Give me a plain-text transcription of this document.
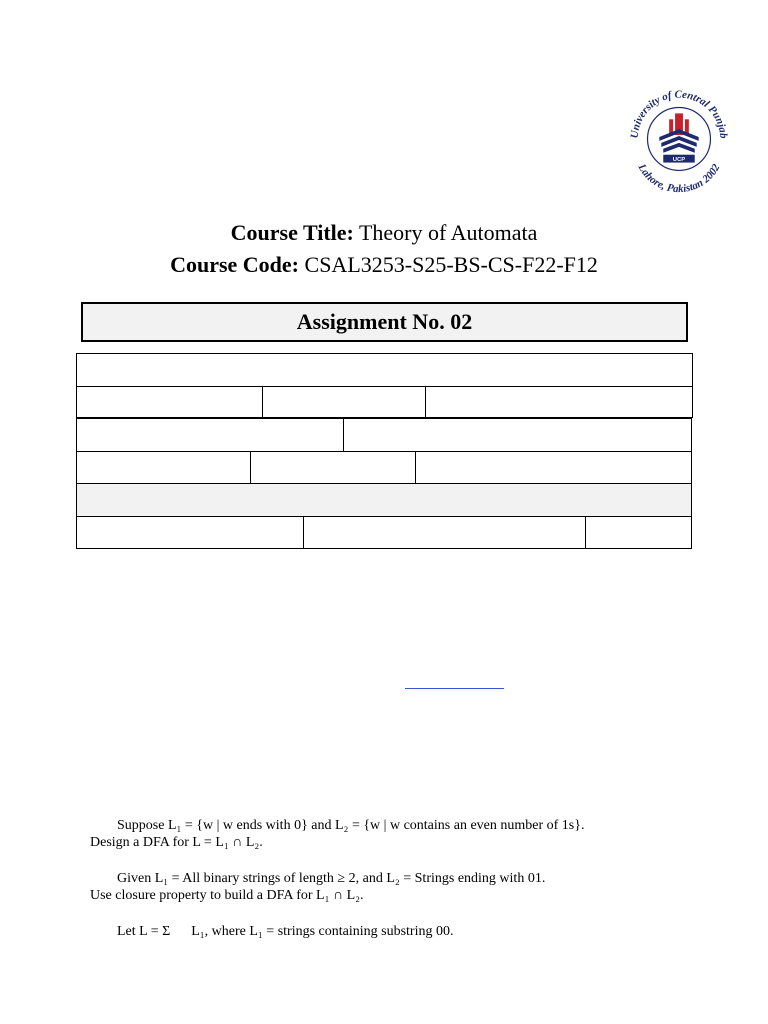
University of Central Punjab
Lahore, Pakistan 2002
UCP
Course Title: Theory of Automata
Course Code: CSAL3253-S25-BS-CS-F22-F12
Assignment No. 02

Suppose L₁ = {w | w ends with 0} and L₂ = {w | w contains an even number of 1s}.
Design a DFA for L = L₁ ∩ L₂.
Given L₁ = All binary strings of length ≥ 2, and L₂ = Strings ending with 01.
Use closure property to build a DFA for L₁ ∩ L₂.
Let L = Σ      L₁, where L₁ = strings containing substring 00.
